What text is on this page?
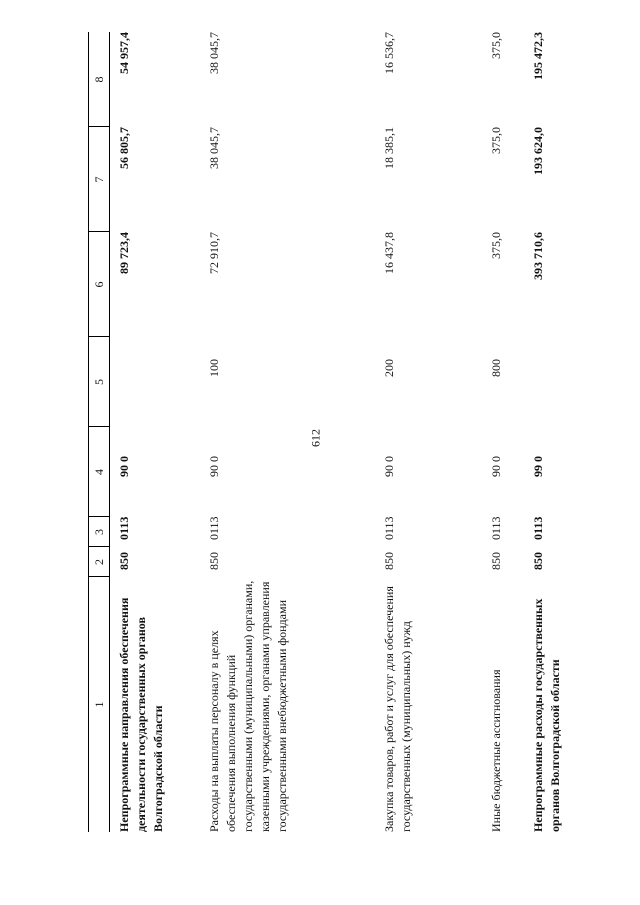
612
1
2
3
4
5
6
7
8
Непрограммные направления обеспечения деятельности государственных органов Волгоградской области
850
0113
90 0
89 723,4
56 805,7
54 957,4
Расходы на выплаты персоналу в целях обеспечения выполнения функций государственными (муниципальными) органами, казенными учреждениями, органами управления государственными внебюджетными фондами
850
0113
90 0
100
72 910,7
38 045,7
38 045,7
Закупка товаров, работ и услуг для обеспечения государственных (муниципальных) нужд
850
0113
90 0
200
16 437,8
18 385,1
16 536,7
Иные бюджетные ассигнования
850
0113
90 0
800
375,0
375,0
375,0
Непрограммные расходы государственных органов Волгоградской области
850
0113
99 0
393 710,6
193 624,0
195 472,3
